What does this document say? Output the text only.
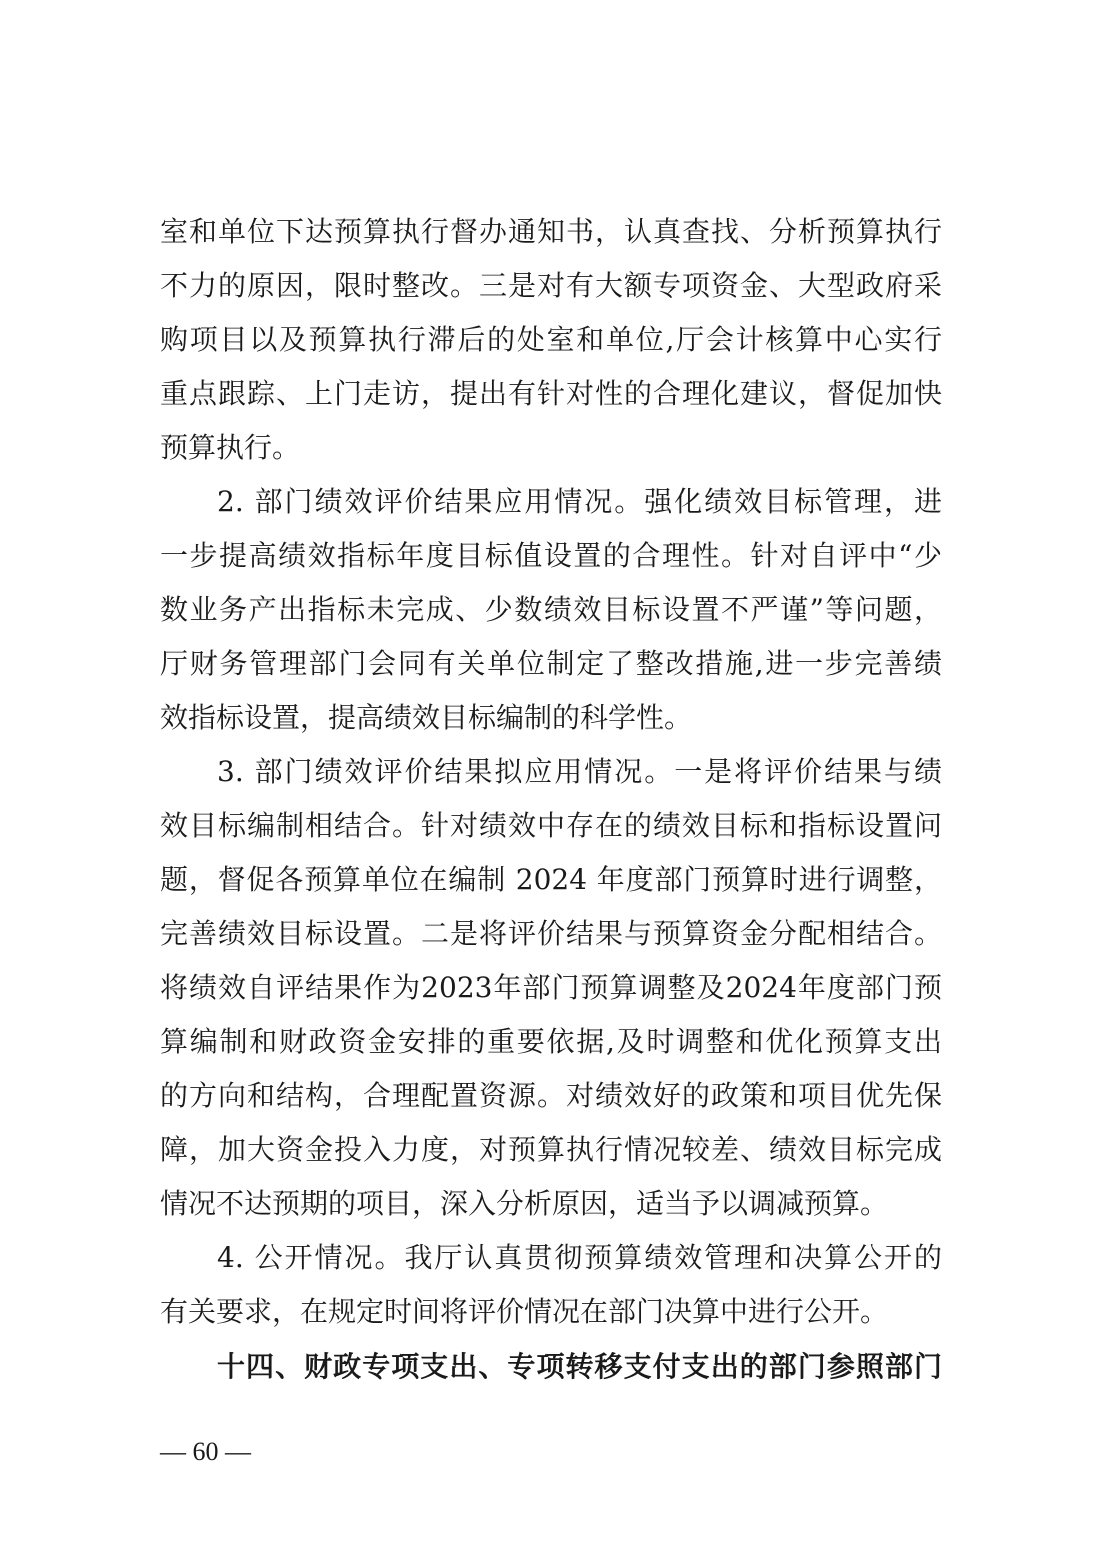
室和单位下达预算执行督办通知书，认真查找、分析预算执行
不力的原因，限时整改。三是对有大额专项资金、大型政府采
购项目以及预算执行滞后的处室和单位,厅会计核算中心实行
重点跟踪、上门走访，提出有针对性的合理化建议，督促加快
预算执行。
2. 部门绩效评价结果应用情况。强化绩效目标管理，进
一步提高绩效指标年度目标值设置的合理性。针对自评中“少
数业务产出指标未完成、少数绩效目标设置不严谨”等问题，
厅财务管理部门会同有关单位制定了整改措施,进一步完善绩
效指标设置，提高绩效目标编制的科学性。
3. 部门绩效评价结果拟应用情况。一是将评价结果与绩
效目标编制相结合。针对绩效中存在的绩效目标和指标设置问
题，督促各预算单位在编制 2024 年度部门预算时进行调整，
完善绩效目标设置。二是将评价结果与预算资金分配相结合。
将绩效自评结果作为2023年部门预算调整及2024年度部门预
算编制和财政资金安排的重要依据,及时调整和优化预算支出
的方向和结构，合理配置资源。对绩效好的政策和项目优先保
障，加大资金投入力度，对预算执行情况较差、绩效目标完成
情况不达预期的项目，深入分析原因，适当予以调减预算。
4. 公开情况。我厅认真贯彻预算绩效管理和决算公开的
有关要求，在规定时间将评价情况在部门决算中进行公开。
十四、财政专项支出、专项转移支付支出的部门参照部门
— 60 —
